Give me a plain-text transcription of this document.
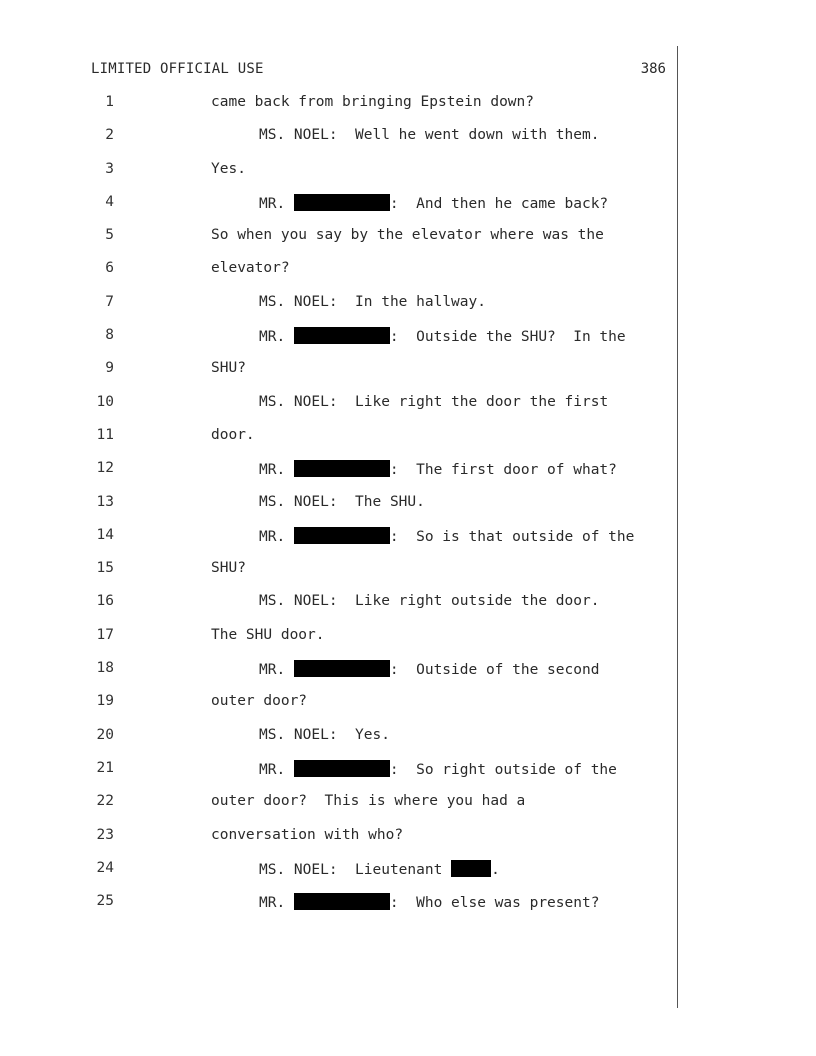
LIMITED OFFICIAL USE	386
1	came back from bringing Epstein down?
2	MS. NOEL:  Well he went down with them.
3	Yes.
4	MR.	:  And then he came back?
5	So when you say by the elevator where was the
6	elevator?
7	MS. NOEL:  In the hallway.
8	MR.	:  Outside the SHU?  In the
9	SHU?
10	MS. NOEL:  Like right the door the first
11	door.
12	MR.	:  The first door of what?
13	MS. NOEL:  The SHU.
14	MR.	:  So is that outside of the
15	SHU?
16	MS. NOEL:  Like right outside the door.
17	The SHU door.
18	MR.	:  Outside of the second
19	outer door?
20	MS. NOEL:  Yes.
21	MR.	:  So right outside of the
22	outer door?  This is where you had a
23	conversation with who?
24	MS. NOEL:  Lieutenant	.
25	MR.	:  Who else was present?
